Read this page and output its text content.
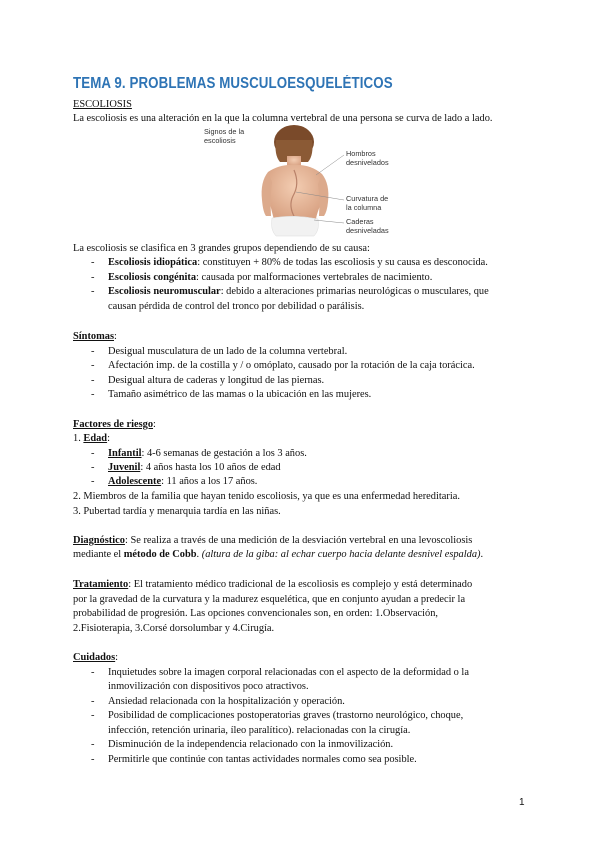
TEMA 9. PROBLEMAS MUSCULOESQUELÉTICOS
ESCOLIOSIS
La escoliosis es una alteración en la que la columna vertebral de una persona se curva de lado a lado.
Signos de la
escoliosis
Hombros
desnivelados
Curvatura de
la columna
Caderas
desniveladas
La escoliosis se clasifica en 3 grandes grupos dependiendo de su causa:
- Escoliosis idiopática: constituyen + 80% de todas las escoliosis y su causa es desconocida.
- Escoliosis congénita: causada por malformaciones vertebrales de nacimiento.
- Escoliosis neuromuscular: debido a alteraciones primarias neurológicas o musculares, que
causan pérdida de control del tronco por debilidad o parálisis.
Síntomas:
- Desigual musculatura de un lado de la columna vertebral.
- Afectación imp. de la costilla y / o omóplato, causado por la rotación de la caja torácica.
- Desigual altura de caderas y longitud de las piernas.
- Tamaño asimétrico de las mamas o la ubicación en las mujeres.
Factores de riesgo:
1. Edad:
- Infantil: 4-6 semanas de gestación a los 3 años.
- Juvenil: 4 años hasta los 10 años de edad
- Adolescente: 11 años a los 17 años.
2. Miembros de la familia que hayan tenido escoliosis, ya que es una enfermedad hereditaria.
3. Pubertad tardía y menarquia tardía en las niñas.
Diagnóstico: Se realiza a través de una medición de la desviación vertebral en una levoscoliosis
mediante el método de Cobb. (altura de la giba: al echar cuerpo hacia delante desnivel espalda).
Tratamiento: El tratamiento médico tradicional de la escoliosis es complejo y está determinado
por la gravedad de la curvatura y la madurez esquelética, que en conjunto ayudan a predecir la
probabilidad de progresión. Las opciones convencionales son, en orden: 1.Observación,
2.Fisioterapia, 3.Corsé dorsolumbar y 4.Cirugía.
Cuidados:
- Inquietudes sobre la imagen corporal relacionadas con el aspecto de la deformidad o la
inmovilización con dispositivos poco atractivos.
- Ansiedad relacionada con la hospitalización y operación.
- Posibilidad de complicaciones postoperatorias graves (trastorno neurológico, choque,
infección, retención urinaria, íleo paralítico). relacionadas con la cirugía.
- Disminución de la independencia relacionado con la inmovilización.
- Permitirle que continúe con tantas actividades normales como sea posible.
1
